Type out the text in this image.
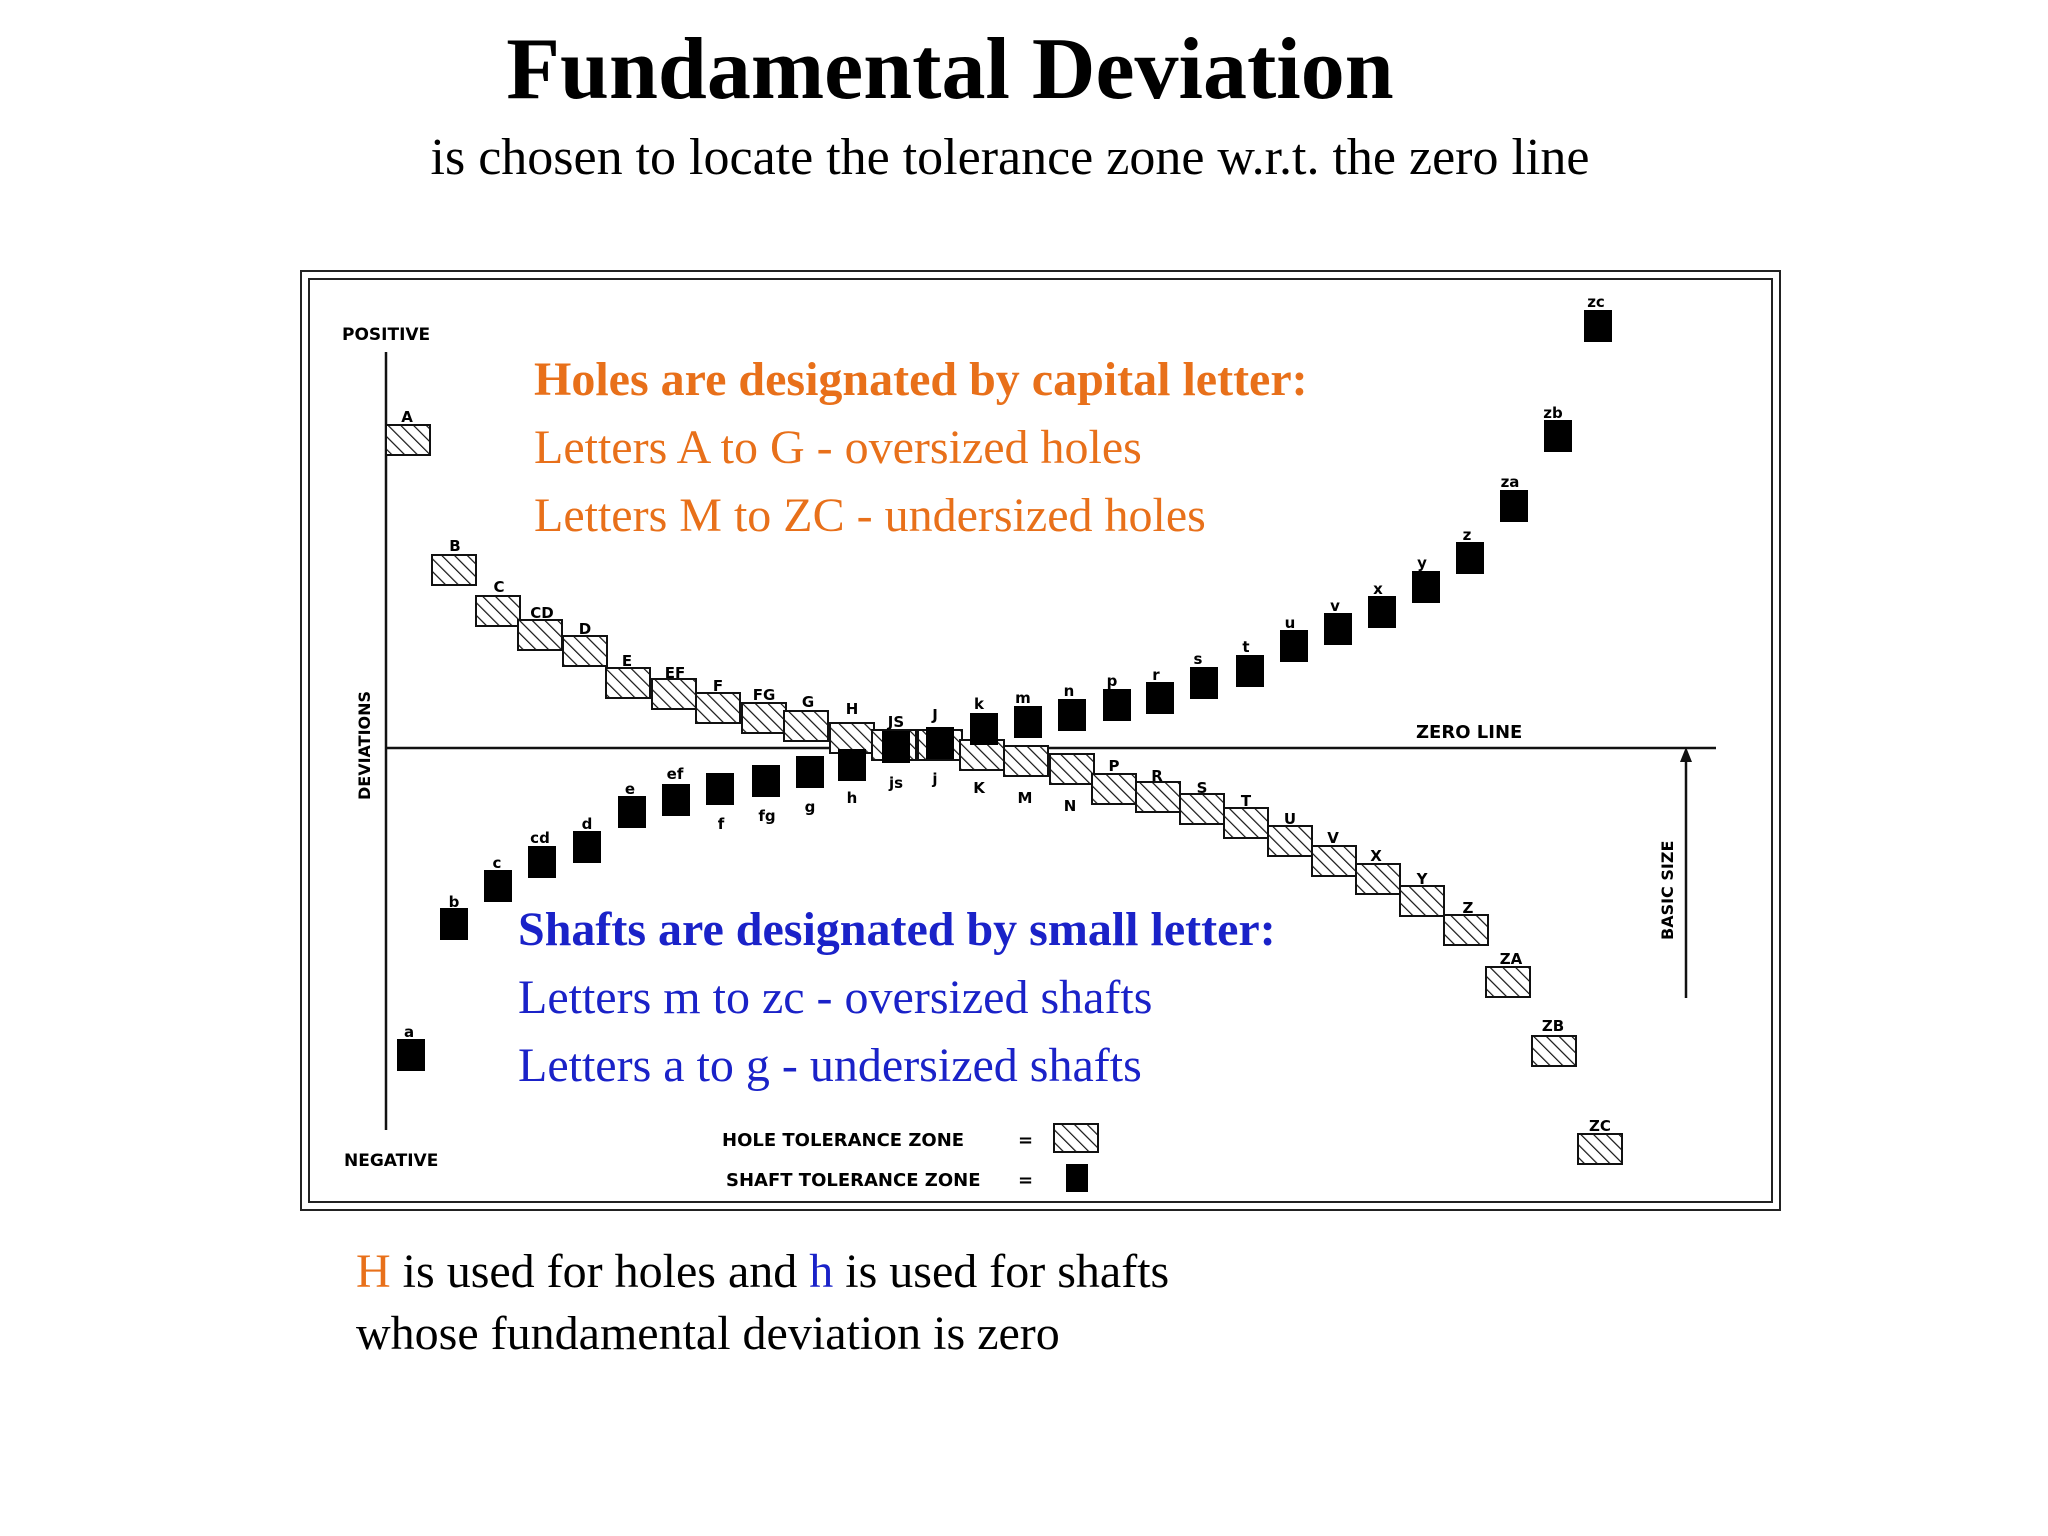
Fundamental Deviation
is chosen to locate the tolerance zone w.r.t. the zero line
POSITIVE
NEGATIVE
DEVIATIONS	ZERO LINE
BASIC SIZE
A
B
C
CD
D
E
EF
F FG G H
JS J
K
M N
P
R
S
T
U
V
X
Y
Z
ZA
ZB
ZC
a
b
c
cd
d
e
ef
f fg g h
js j
k m n
p r
s
t
u
v
x
y
z
za
zb
zc
HOLE TOLERANCE ZONE	=
SHAFT TOLERANCE ZONE =
Holes are designated by capital letter:
Letters A to G - oversized holes
Letters M to ZC - undersized holes
Shafts are designated by small letter:
Letters m to zc - oversized shafts
Letters a to g - undersized shafts
H is used for holes and h is used for shafts
whose fundamental deviation is zero
